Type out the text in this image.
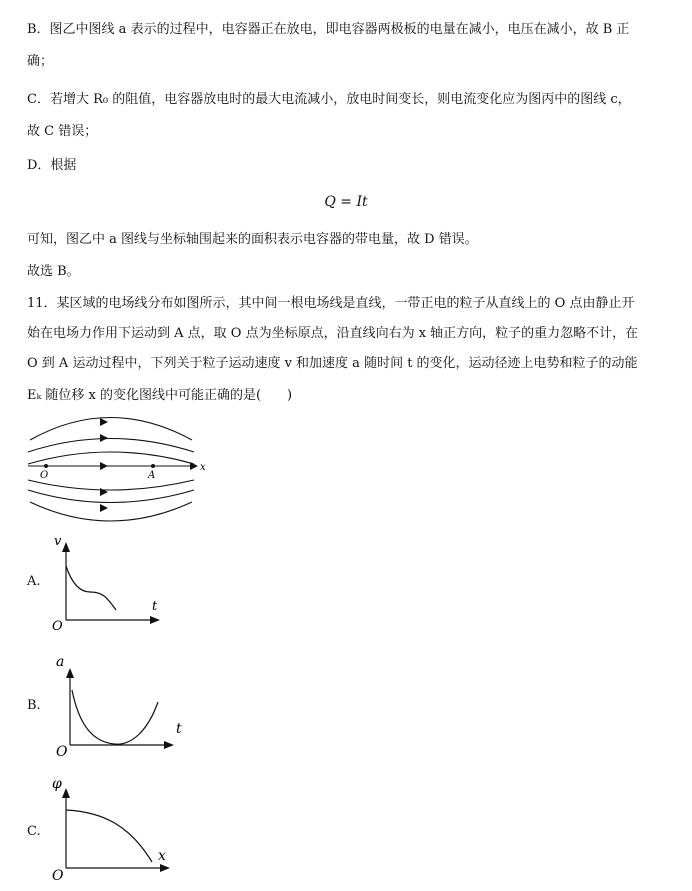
B．图乙中图线 a 表示的过程中，电容器正在放电，即电容器两极板的电量在减小，电压在减小，故 B 正
确；
C．若增大 R₀ 的阻值，电容器放电时的最大电流减小，放电时间变长，则电流变化应为图丙中的图线 c，
故 C 错误；
D．根据
Q = It
可知，图乙中 a 图线与坐标轴围起来的面积表示电容器的带电量，故 D 错误。
故选 B。
11．某区域的电场线分布如图所示，其中间一根电场线是直线，一带正电的粒子从直线上的 O 点由静止开
始在电场力作用下运动到 A 点，取 O 点为坐标原点，沿直线向右为 x 轴正方向，粒子的重力忽略不计，在
O 到 A 运动过程中，下列关于粒子运动速度 v 和加速度 a 随时间 t 的变化，运动径迹上电势和粒子的动能
Eₖ 随位移 x 的变化图线中可能正确的是(　　)
O	A
x
A.
v
t
O
B.
a
t
O
C.
φ
x
O
